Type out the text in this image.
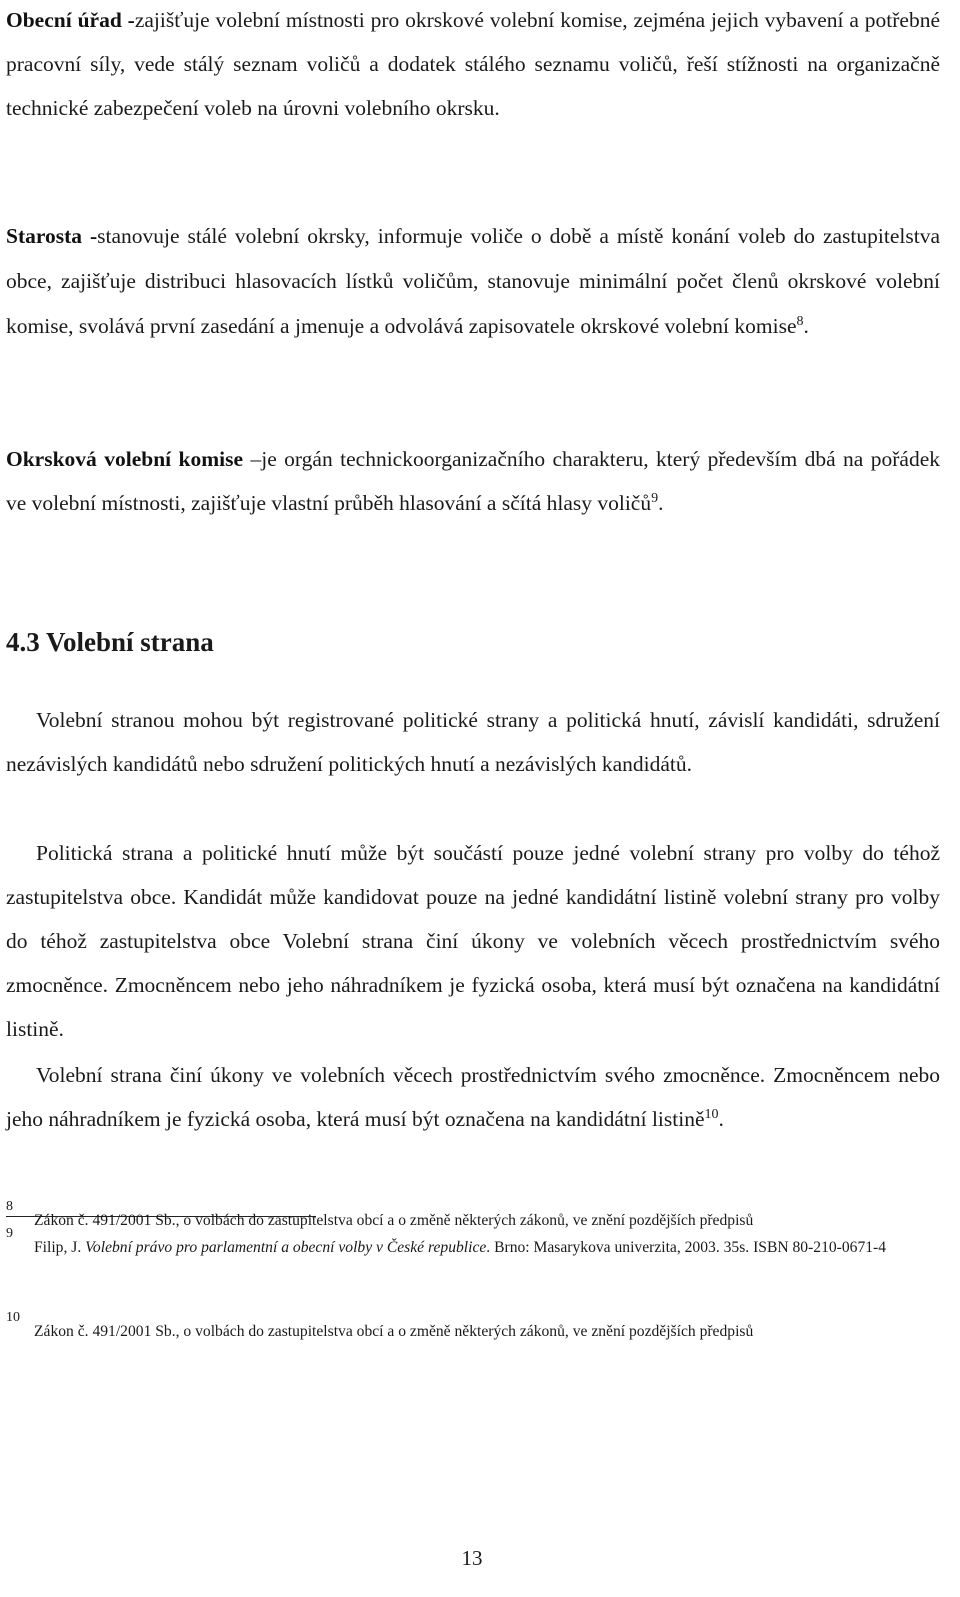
Obecní úřad -zajišťuje volební místnosti pro okrskové volební komise, zejména jejich vybavení a potřebné pracovní síly, vede stálý seznam voličů a dodatek stálého seznamu voličů, řeší stížnosti na organizačně technické zabezpečení voleb na úrovni volebního okrsku.

Starosta -stanovuje stálé volební okrsky, informuje voliče o době a místě konání voleb do zastupitelstva obce, zajišťuje distribuci hlasovacích lístků voličům, stanovuje minimální počet členů okrskové volební komise, svolává první zasedání a jmenuje a odvolává zapisovatele okrskové volební komise$^8$.

Okrsková volební komise –je orgán technickoorganizačního charakteru, který především dbá na pořádek ve volební místnosti, zajišťuje vlastní průběh hlasování a sčítá hlasy voličů$^9$.

4.3 Volební strana

Volební stranou mohou být registrované politické strany a politická hnutí, závislí kandidáti, sdružení nezávislých kandidátů nebo sdružení politických hnutí a nezávislých kandidátů.

Politická strana a politické hnutí může být součástí pouze jedné volební strany pro volby do téhož zastupitelstva obce. Kandidát může kandidovat pouze na jedné kandidátní listině volební strany pro volby do téhož zastupitelstva obce Volební strana činí úkony ve volebních věcech prostřednictvím svého zmocněnce. Zmocněncem nebo jeho náhradníkem je fyzická osoba, která musí být označena na kandidátní listině.

Volební strana činí úkony ve volebních věcech prostřednictvím svého zmocněnce. Zmocněncem nebo jeho náhradníkem je fyzická osoba, která musí být označena na kandidátní listině$^{10}$.

8
Zákon č. 491/2001 Sb., o volbách do zastupitelstva obcí a o změně některých zákonů, ve znění pozdějších předpisů
9
Filip, J. Volební právo pro parlamentní a obecní volby v České republice. Brno: Masarykova univerzita, 2003. 35s. ISBN 80-210-0671-4
10
Zákon č. 491/2001 Sb., o volbách do zastupitelstva obcí a o změně některých zákonů, ve znění pozdějších předpisů
13
